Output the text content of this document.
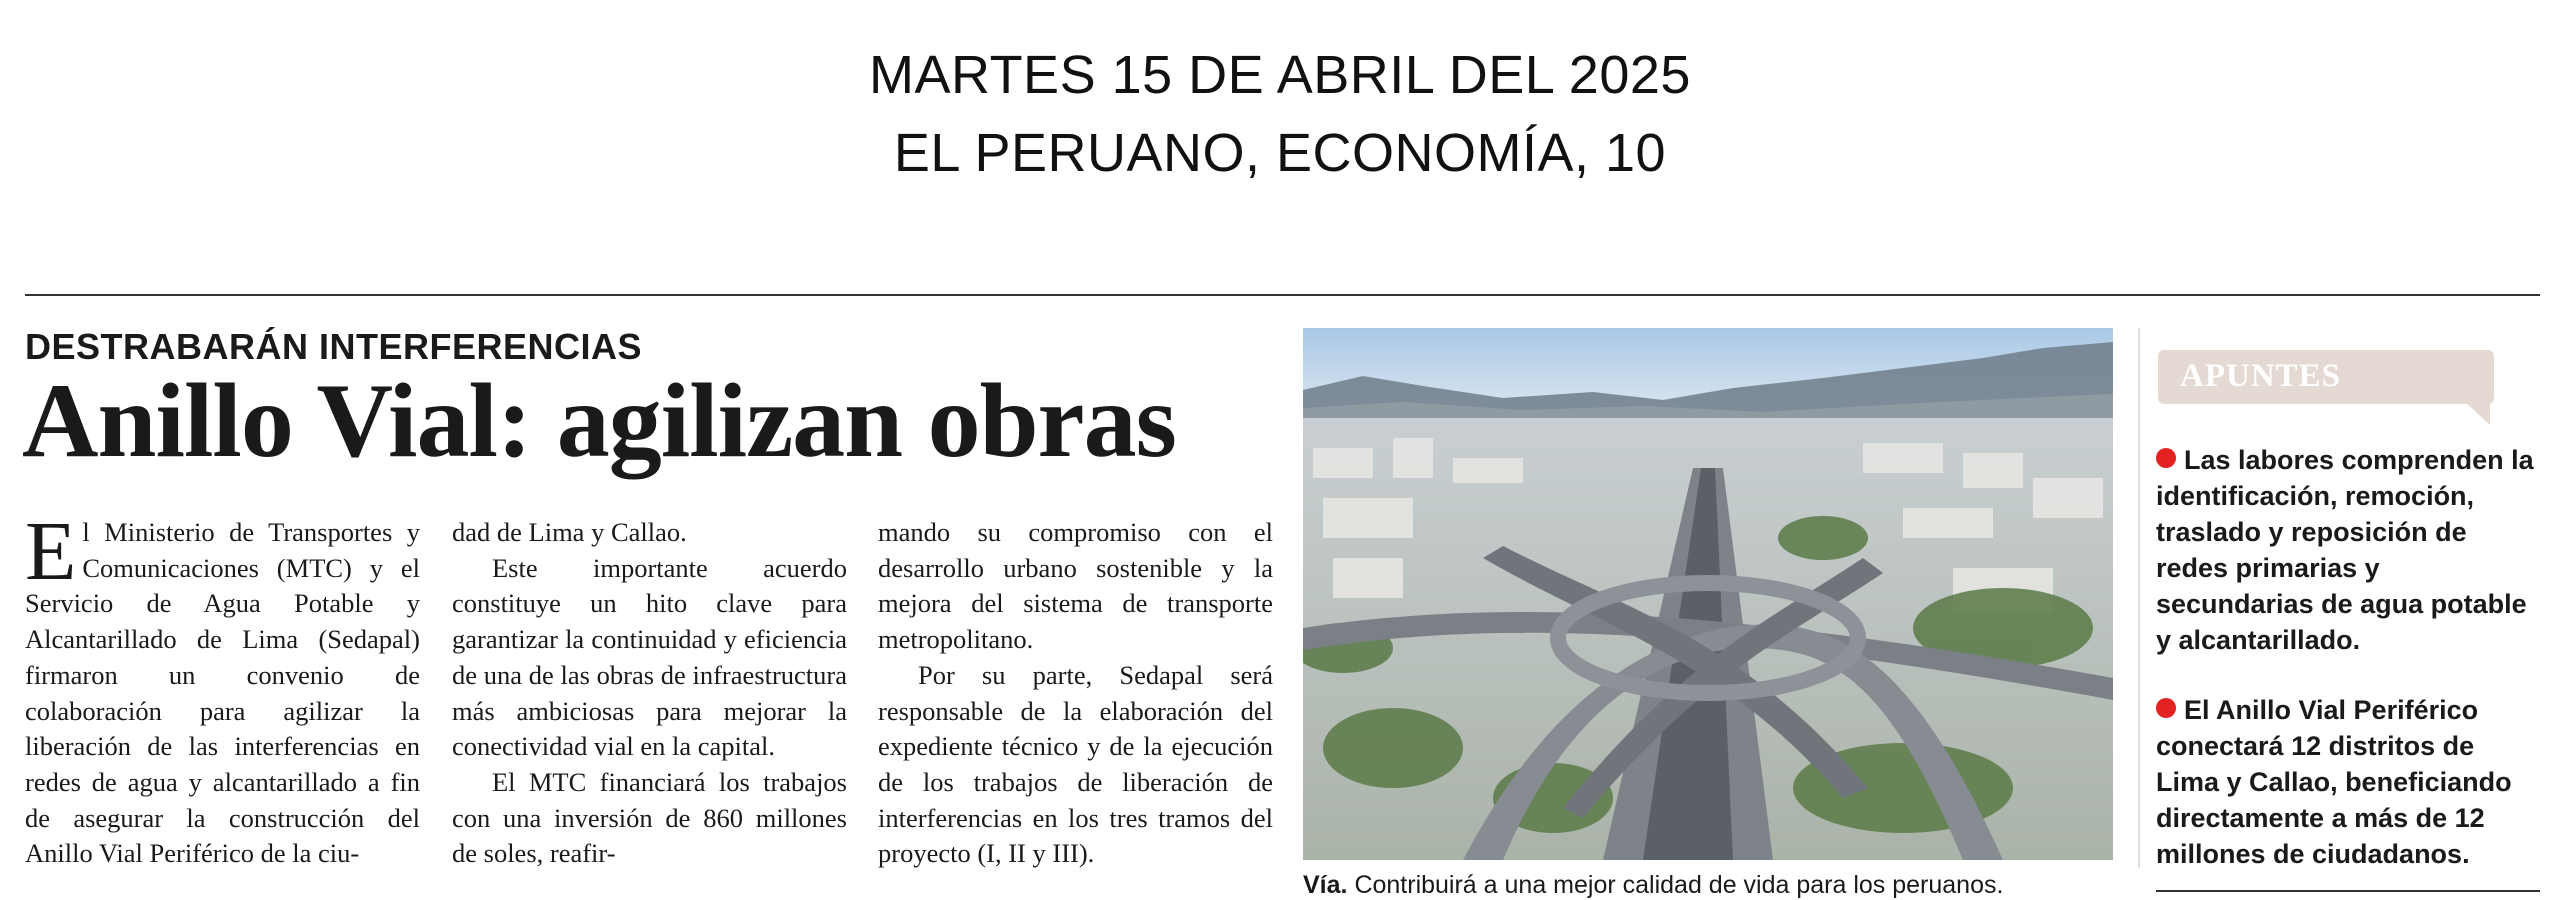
MARTES 15 DE ABRIL DEL 2025
EL PERUANO, ECONOMÍA, 10
DESTRABARÁN INTERFERENCIAS
Anillo Vial: agilizan obras

El Ministerio de Transportes y Comunicaciones (MTC) y el Servicio de Agua Potable y Alcantarillado de Lima (Sedapal) firmaron un convenio de colaboración para agilizar la liberación de las interferencias en redes de agua y alcantarillado a fin de asegurar la construcción del Anillo Vial Periférico de la ciu-

dad de Lima y Callao.

Este importante acuerdo constituye un hito clave para garantizar la continuidad y eficiencia de una de las obras de infraestructura más ambiciosas para mejorar la conectividad vial en la capital.

El MTC financiará los trabajos con una inversión de 860 millones de soles, reafir-

mando su compromiso con el desarrollo urbano sostenible y la mejora del sistema de transporte metropolitano.

Por su parte, Sedapal será responsable de la elaboración del expediente técnico y de la ejecución de los trabajos de liberación de interferencias en los tres tramos del proyecto (I, II y III).

Vía. Contribuirá a una mejor calidad de vida para los peruanos.
APUNTES
Las labores comprenden la identificación, remoción, traslado y reposición de redes primarias y secundarias de agua potable y alcantarillado.
El Anillo Vial Periférico conectará 12 distritos de Lima y Callao, beneficiando directamente a más de 12 millones de ciudadanos.
